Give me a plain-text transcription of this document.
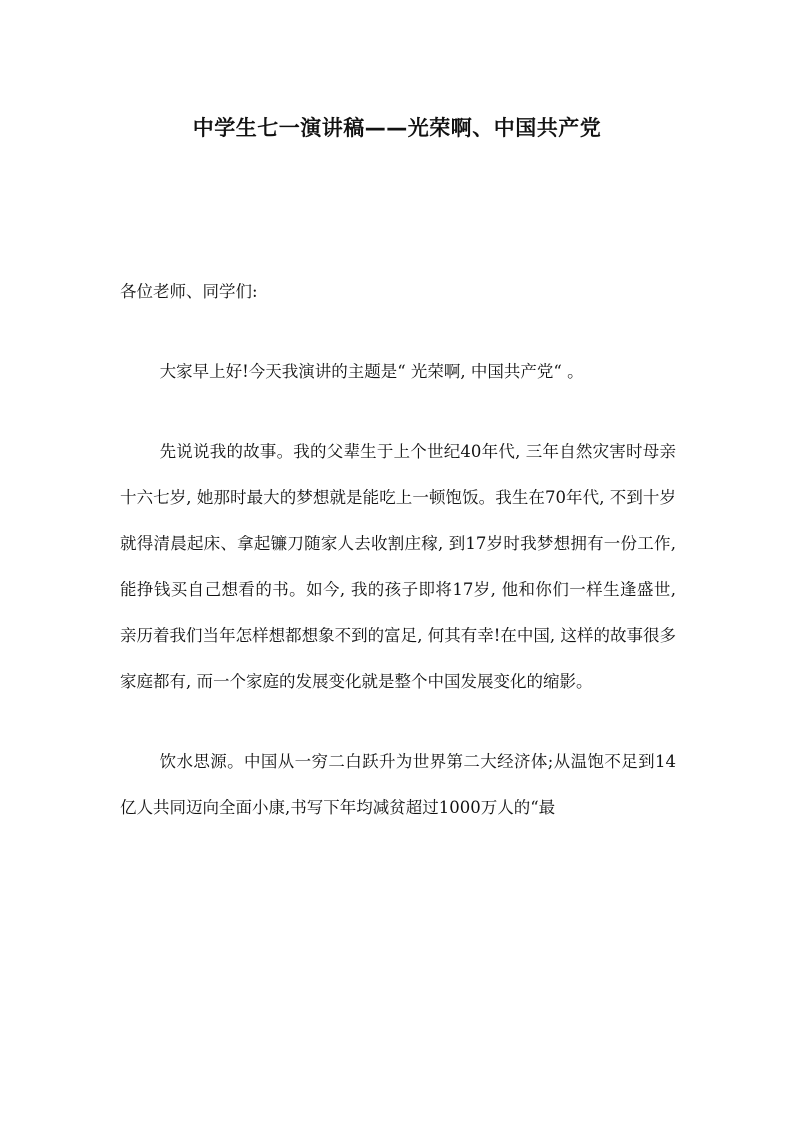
中学生七一演讲稿——光荣啊、中国共产党

各位老师、同学们:

大家早上好!今天我演讲的主题是“ 光荣啊, 中国共产党“ 。

先说说我的故事。我的父辈生于上个世纪40年代, 三年自然灾害时母亲十六七岁, 她那时最大的梦想就是能吃上一顿饱饭。我生在70年代, 不到十岁就得清晨起床、拿起镰刀随家人去收割庄稼, 到17岁时我梦想拥有一份工作, 能挣钱买自己想看的书。如今, 我的孩子即将17岁, 他和你们一样生逢盛世, 亲历着我们当年怎样想都想象不到的富足, 何其有幸!在中国, 这样的故事很多家庭都有, 而一个家庭的发展变化就是整个中国发展变化的缩影。

饮水思源。中国从一穷二白跃升为世界第二大经济体;从温饱不足到14亿人共同迈向全面小康,书写下年均减贫超过1000万人的“最
